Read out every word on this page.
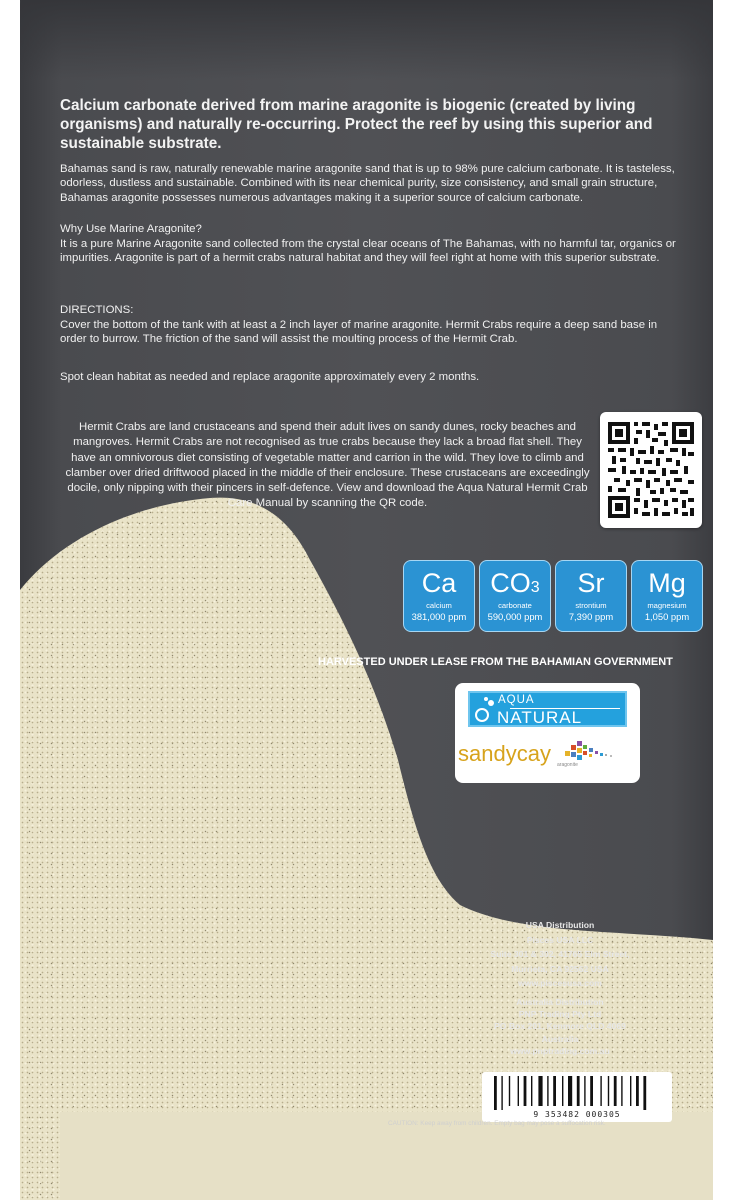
Calcium carbonate derived from marine aragonite is biogenic (created by living organisms) and naturally re-occurring. Protect the reef by using this superior and sustainable substrate.
Bahamas sand is raw, naturally renewable marine aragonite sand that is up to 98% pure calcium carbonate. It is tasteless, odorless, dustless and sustainable. Combined with its near chemical purity, size consistency, and small grain structure, Bahamas aragonite possesses numerous advantages making it a superior source of calcium carbonate.
Why Use Marine Aragonite?
It is a pure Marine Aragonite sand collected from the crystal clear oceans of The Bahamas, with no harmful tar, organics or impurities. Aragonite is part of a hermit crabs natural habitat and they will feel right at home with this superior substrate.
DIRECTIONS:
Cover the bottom of the tank with at least a 2 inch layer of marine aragonite. Hermit Crabs require a deep sand base in order to burrow. The friction of the sand will assist the moulting process of the Hermit Crab.
Spot clean habitat as needed and replace aragonite approximately every 2 months.
Hermit Crabs are land crustaceans and spend their adult lives on sandy dunes, rocky beaches and mangroves. Hermit Crabs are not recognised as true crabs because they lack a broad flat shell. They have an omnivorous diet consisting of vegetable matter and carrion in the wild. They love to climb and clamber over dried driftwood placed in the middle of their enclosure. These crustaceans are exceedingly docile, only nipping with their pincers in self-defence. View and download the Aqua Natural Hermit Crab Care Manual by scanning the QR code.
Ca
calcium
381,000 ppm
CO3
carbonate
590,000 ppm
Sr
strontium
7,390 ppm
Mg
magnesium
1,050 ppm
HARVESTED UNDER LEASE FROM THE BAHAMIAN GOVERNMENT
AQUA
NATURAL
sandycay aragonite
USA Distribution
Pisces USA LLC
Suite 301 & 302, 41765 Elm Street,
Murrieta, CA 92562 USA
www.piscesusa.com
Australia Distribution
PNP Trading Pty Ltd
PO Box 201, Kenmore QLD 4069
Australia
www.pnptrading.com.au
9 353482 000305
CAUTION: Keep away from children. Empty bag may pose a suffocation risk.
